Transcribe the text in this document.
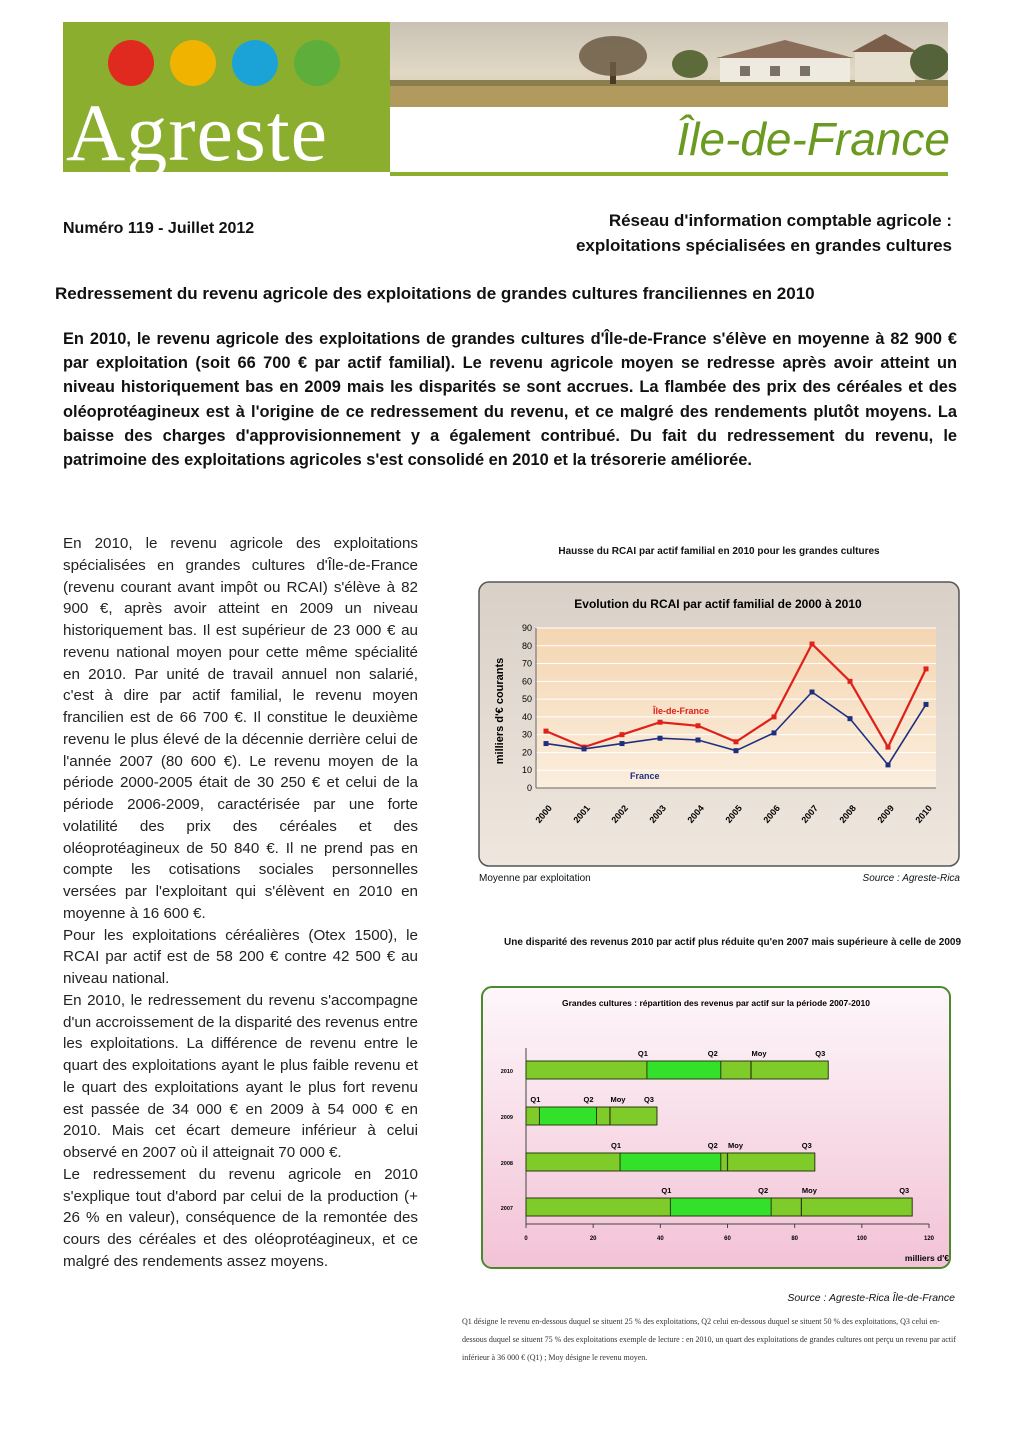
Agreste	Île-de-France
Numéro 119 - Juillet 2012	Réseau d'information comptable agricole :
exploitations spécialisées en grandes cultures
Redressement du revenu agricole des exploitations de grandes cultures franciliennes en 2010
En 2010, le revenu agricole des exploitations de grandes cultures d'Île-de-France s'élève en moyenne à 82 900 € par exploitation (soit 66 700 € par actif familial). Le revenu agricole moyen se redresse après avoir atteint un niveau historiquement bas en 2009 mais les disparités se sont accrues. La flambée des prix des céréales et des oléoprotéagineux est à l'origine de ce redressement du revenu, et ce malgré des rendements plutôt moyens. La baisse des charges d'approvisionnement y a également contribué. Du fait du redressement du revenu, le patrimoine des exploitations agricoles s'est consolidé en 2010 et la trésorerie améliorée.

En 2010, le revenu agricole des exploitations spécialisées en grandes cultures d'Île-de-France (revenu courant avant impôt ou RCAI) s'élève à 82 900 €, après avoir atteint en 2009 un niveau historiquement bas. Il est supérieur de 23 000 € au revenu national moyen pour cette même spécialité en 2010. Par unité de travail annuel non salarié, c'est à dire par actif familial, le revenu moyen francilien est de 66 700 €. Il constitue le deuxième revenu le plus élevé de la décennie derrière celui de l'année 2007 (80 600 €). Le revenu moyen de la période 2000-2005 était de 30 250 € et celui de la période 2006-2009, caractérisée par une forte volatilité des prix des céréales et des oléoprotéagineux de 50 840 €. Il ne prend pas en compte les cotisations sociales personnelles versées par l'exploitant qui s'élèvent en 2010 en moyenne à 16 600 €.

Pour les exploitations céréalières (Otex 1500), le RCAI par actif est de 58 200 € contre 42 500 € au niveau national.

En 2010, le redressement du revenu s'accompagne d'un accroissement de la disparité des revenus entre les exploitations. La différence de revenu entre le quart des exploitations ayant le plus faible revenu et le quart des exploitations ayant le plus fort revenu est passée de 34 000 € en 2009 à 54 000 € en 2010. Mais cet écart demeure inférieur à celui observé en 2007 où il atteignait 70 000 €.

Le redressement du revenu agricole en 2010 s'explique tout d'abord par celui de la production (+ 26 % en valeur), conséquence de la remontée des cours des céréales et des oléoprotéagineux, et ce malgré des rendements assez moyens.

Hausse du RCAI par actif familial en 2010 pour les grandes cultures
0
10
20
30
40
50
60
70
80
90
2000 2001 2002 2003 2004 2005 2006 2007 2008 2009 2010
Evolution du RCAI par actif familial de 2000 à 2010
milliers d'€ courants	Île-de-France
France
Moyenne par exploitation	Source : Agreste-Rica
Une disparité des revenus 2010 par actif plus réduite qu'en 2007 mais supérieure à celle de 2009
Grandes cultures : répartition des revenus par actif sur la période 2007-2010
0	20	40	60	80	100	120
2010
Q1	Q2	Moy	Q3
2009
Q1	Q2 Moy Q3
2008
Q1	Q2 Moy	Q3
2007
Q1	Q2	Moy	Q3
milliers d'€
Source : Agreste-Rica Île-de-France
Q1 désigne le revenu en-dessous duquel se situent 25 % des exploitations, Q2 celui en-dessous duquel se situent 50 % des exploitations, Q3 celui en-dessous duquel se situent 75 % des exploitations exemple de lecture : en 2010, un quart des exploitations de grandes cultures ont perçu un revenu par actif inférieur à 36 000 € (Q1) ; Moy désigne le revenu moyen.
